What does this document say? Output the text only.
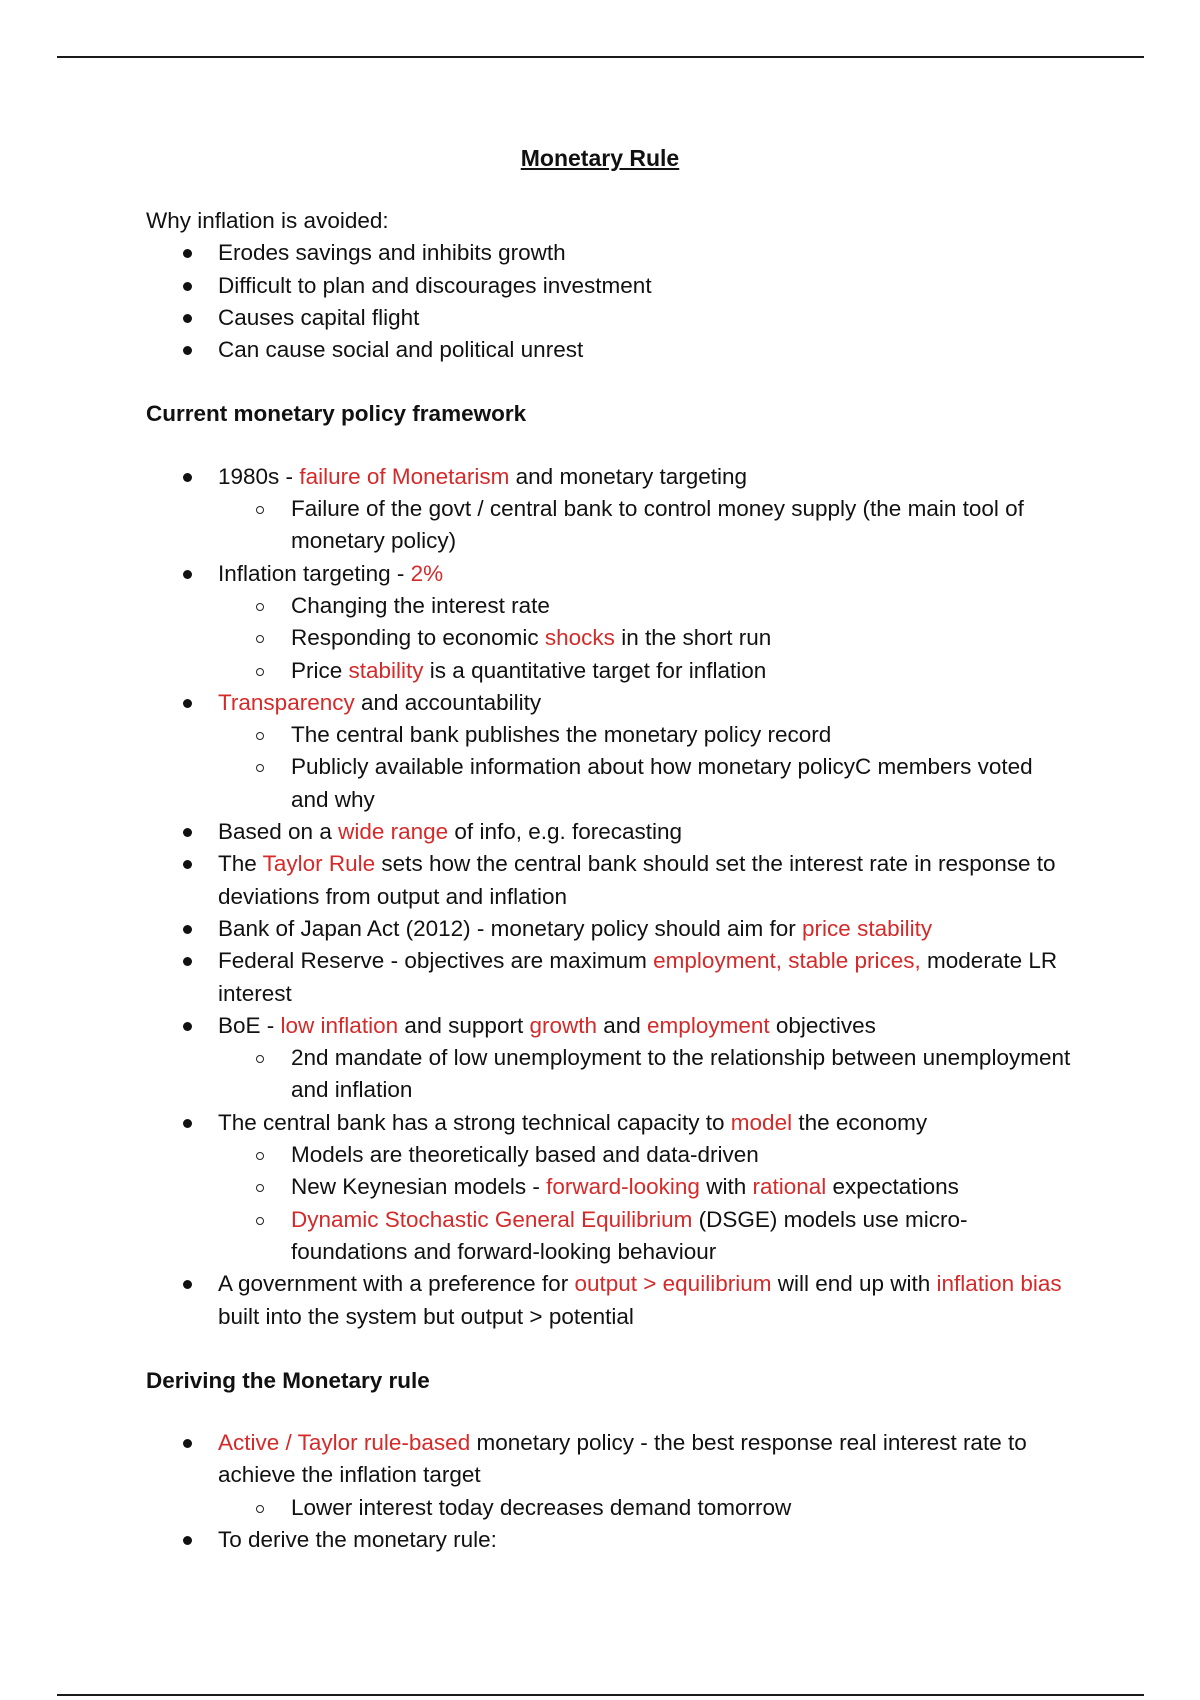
Monetary Rule

Why inflation is avoided:

Erodes savings and inhibits growth
Difficult to plan and discourages investment
Causes capital flight
Can cause social and political unrest

Current monetary policy framework

1980s - failure of Monetarism and monetary targeting
Failure of the govt / central bank to control money supply (the main tool of monetary policy)
Inflation targeting - 2%
Changing the interest rate
Responding to economic shocks in the short run
Price stability is a quantitative target for inflation
Transparency and accountability
The central bank publishes the monetary policy record
Publicly available information about how monetary policyC members voted and why
Based on a wide range of info, e.g. forecasting
The Taylor Rule sets how the central bank should set the interest rate in response to deviations from output and inflation
Bank of Japan Act (2012) - monetary policy should aim for price stability
Federal Reserve - objectives are maximum employment, stable prices, moderate LR interest
BoE - low inflation and support growth and employment objectives
2nd mandate of low unemployment to the relationship between unemployment and inflation
The central bank has a strong technical capacity to model the economy
Models are theoretically based and data-driven
New Keynesian models - forward-looking with rational expectations
Dynamic Stochastic General Equilibrium (DSGE) models use micro-foundations and forward-looking behaviour
A government with a preference for output > equilibrium will end up with inflation bias built into the system but output > potential

Deriving the Monetary rule

Active / Taylor rule-based monetary policy - the best response real interest rate to achieve the inflation target
Lower interest today decreases demand tomorrow
To derive the monetary rule:
